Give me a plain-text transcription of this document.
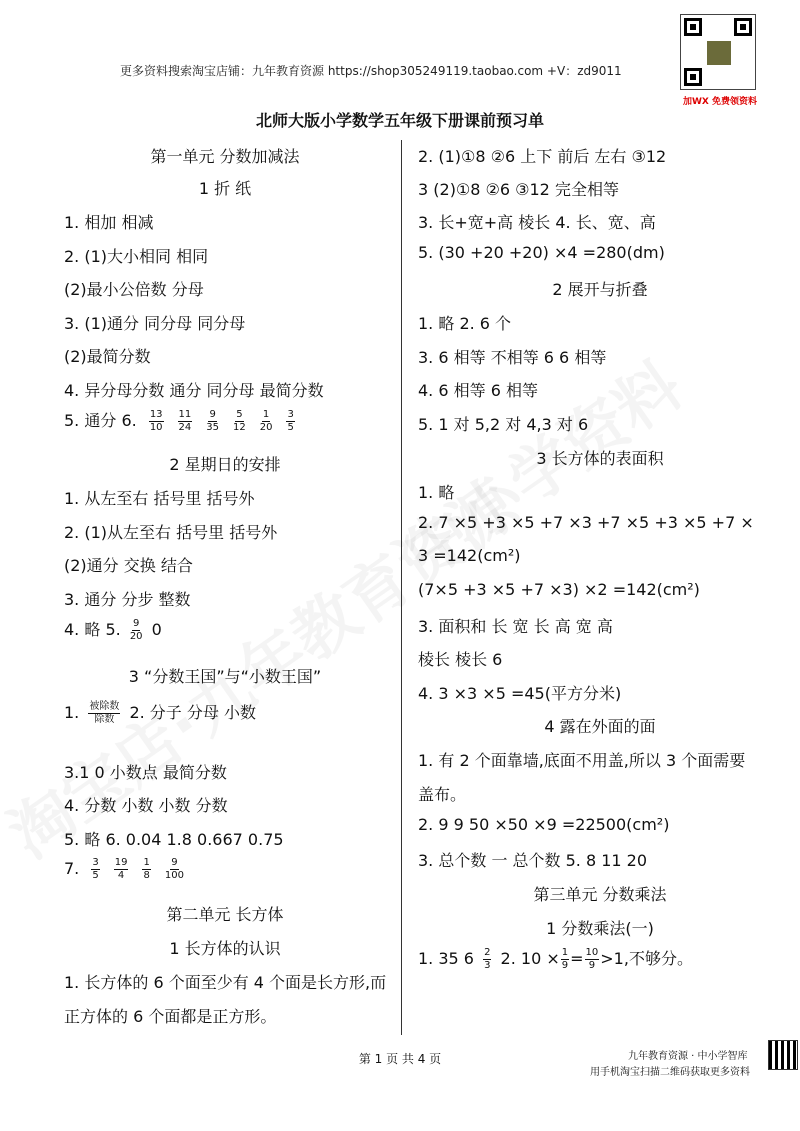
更多资料搜索淘宝店铺：九年教育资源 https://shop305249119.taobao.com +V：zd9011
加WX 免费领资料
北师大版小学数学五年级下册课前预习单
第一单元 分数加减法
1 折 纸
1. 相加 相减
2. (1)大小相同 相同
(2)最小公倍数 分母
3. (1)通分 同分母 同分母
(2)最简分数
4. 异分母分数 通分 同分母 最简分数
5. 通分 6. $\frac{13}{10} \frac{11}{24} \frac{9}{35} \frac{5}{12} \frac{1}{20} \frac{3}{5}$
2 星期日的安排
1. 从左至右 括号里 括号外
2. (1)从左至右 括号里 括号外
(2)通分 交换 结合
3. 通分 分步 整数
4. 略 5. $\frac{9}{20} 0$
3 “分数王国”与“小数王国”
1. $\frac{\text{被除数}}{\text{除数}} 2$. 分子 分母 小数
3.1 0 小数点 最简分数
4. 分数 小数 小数 分数
5. 略 6. 0.04 1.8 0.667 0.75
7. $\frac{3}{5} \frac{19}{4} \frac{1}{8} \frac{9}{100}$
第二单元 长方体
1 长方体的认识
1. 长方体的 6 个面至少有 4 个面是长方形,而
正方体的 6 个面都是正方形。
2. (1)①8 ②6 上下 前后 左右 ③12
3 (2)①8 ②6 ③12 完全相等
3. 长+宽+高 棱长 4. 长、宽、高
5. (30 +20 +20) ×4 =280(dm)
2 展开与折叠
1. 略 2. 6 个
3. 6 相等 不相等 6 6 相等
4. 6 相等 6 相等
5. 1 对 5,2 对 4,3 对 6
3 长方体的表面积
1. 略
2. 7 ×5 +3 ×5 +7 ×3 +7 ×5 +3 ×5 +7 ×
3 =142(cm²)
(7×5 +3 ×5 +7 ×3) ×2 =142(cm²)
3. 面积和 长 宽 长 高 宽 高
棱长 棱长 6
4. 3 ×3 ×5 =45(平方分米)
4 露在外面的面
1. 有 2 个面靠墙,底面不用盖,所以 3 个面需要
盖布。
2. 9 9 50 ×50 ×9 =22500(cm²)
3. 总个数 一 总个数 5. 8 11 20
第三单元 分数乘法
1 分数乘法(一)
1. 35 $6 \frac{2}{3} 2$. $10 \times \frac{1}{9} = \frac{10}{9} >1$,不够分。
第 1 页 共 4 页	九年教育资源 · 中小学智库
用手机淘宝扫描二维码获取更多资料
